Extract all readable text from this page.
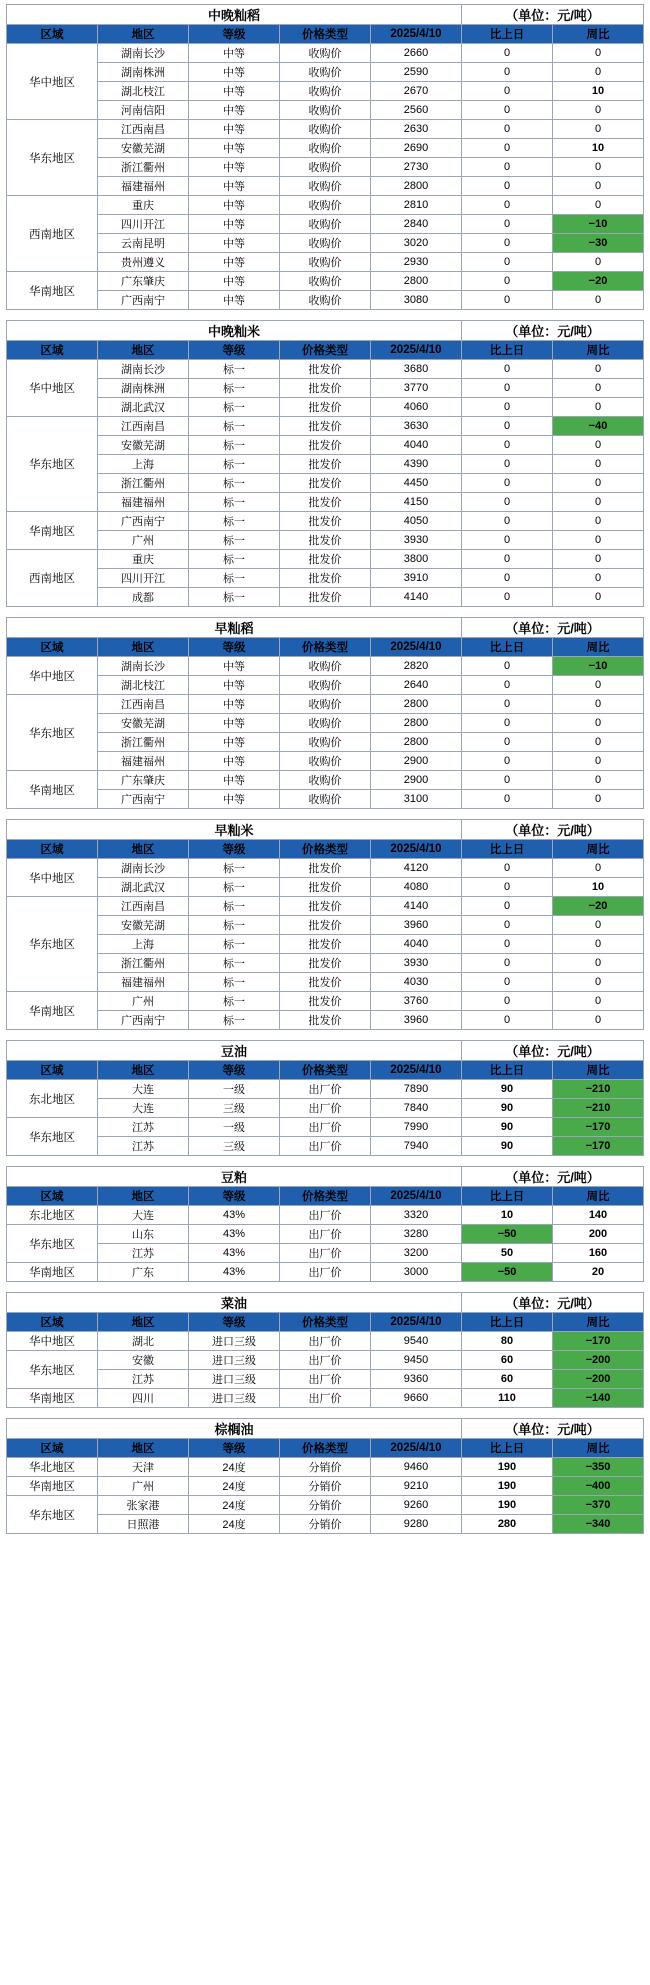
中晚籼稻					（单位：元/吨）	
区域	地区	等级	价格类型	2025/4/10	比上日	周比
华中地区	湖南长沙	中等	收购价	2660	0	0
	湖南株洲	中等	收购价	2590	0	0
	湖北枝江	中等	收购价	2670	0	10
	河南信阳	中等	收购价	2560	0	0
华东地区	江西南昌	中等	收购价	2630	0	0
	安徽芜湖	中等	收购价	2690	0	10
	浙江衢州	中等	收购价	2730	0	0
	福建福州	中等	收购价	2800	0	0
西南地区	重庆	中等	收购价	2810	0	0
	四川开江	中等	收购价	2840	0	−10
	云南昆明	中等	收购价	3020	0	−30
	贵州遵义	中等	收购价	2930	0	0
华南地区	广东肇庆	中等	收购价	2800	0	−20
	广西南宁	中等	收购价	3080	0	0
中晚籼米					（单位：元/吨）	
区域	地区	等级	价格类型	2025/4/10	比上日	周比
华中地区	湖南长沙	标一	批发价	3680	0	0
	湖南株洲	标一	批发价	3770	0	0
	湖北武汉	标一	批发价	4060	0	0
华东地区	江西南昌	标一	批发价	3630	0	−40
	安徽芜湖	标一	批发价	4040	0	0
	上海	标一	批发价	4390	0	0
	浙江衢州	标一	批发价	4450	0	0
	福建福州	标一	批发价	4150	0	0
华南地区	广西南宁	标一	批发价	4050	0	0
	广州	标一	批发价	3930	0	0
西南地区	重庆	标一	批发价	3800	0	0
	四川开江	标一	批发价	3910	0	0
	成都	标一	批发价	4140	0	0
早籼稻					（单位：元/吨）	
区域	地区	等级	价格类型	2025/4/10	比上日	周比
华中地区	湖南长沙	中等	收购价	2820	0	−10
	湖北枝江	中等	收购价	2640	0	0
华东地区	江西南昌	中等	收购价	2800	0	0
	安徽芜湖	中等	收购价	2800	0	0
	浙江衢州	中等	收购价	2800	0	0
	福建福州	中等	收购价	2900	0	0
华南地区	广东肇庆	中等	收购价	2900	0	0
	广西南宁	中等	收购价	3100	0	0
早籼米					（单位：元/吨）	
区域	地区	等级	价格类型	2025/4/10	比上日	周比
华中地区	湖南长沙	标一	批发价	4120	0	0
	湖北武汉	标一	批发价	4080	0	10
华东地区	江西南昌	标一	批发价	4140	0	−20
	安徽芜湖	标一	批发价	3960	0	0
	上海	标一	批发价	4040	0	0
	浙江衢州	标一	批发价	3930	0	0
	福建福州	标一	批发价	4030	0	0
华南地区	广州	标一	批发价	3760	0	0
	广西南宁	标一	批发价	3960	0	0
豆油					（单位：元/吨）	
区域	地区	等级	价格类型	2025/4/10	比上日	周比
东北地区	大连	一级	出厂价	7890	90	−210
	大连	三级	出厂价	7840	90	−210
华东地区	江苏	一级	出厂价	7990	90	−170
	江苏	三级	出厂价	7940	90	−170
豆粕					（单位：元/吨）	
区域	地区	等级	价格类型	2025/4/10	比上日	周比
东北地区	大连	43%	出厂价	3320	10	140
华东地区	山东	43%	出厂价	3280	−50	200
	江苏	43%	出厂价	3200	50	160
华南地区	广东	43%	出厂价	3000	−50	20
菜油					（单位：元/吨）	
区域	地区	等级	价格类型	2025/4/10	比上日	周比
华中地区	湖北	进口三级	出厂价	9540	80	−170
华东地区	安徽	进口三级	出厂价	9450	60	−200
	江苏	进口三级	出厂价	9360	60	−200
华南地区	四川	进口三级	出厂价	9660	110	−140
棕榈油					（单位：元/吨）	
区域	地区	等级	价格类型	2025/4/10	比上日	周比
华北地区	天津	24度	分销价	9460	190	−350
华南地区	广州	24度	分销价	9210	190	−400
华东地区	张家港	24度	分销价	9260	190	−370
	日照港	24度	分销价	9280	280	−340
